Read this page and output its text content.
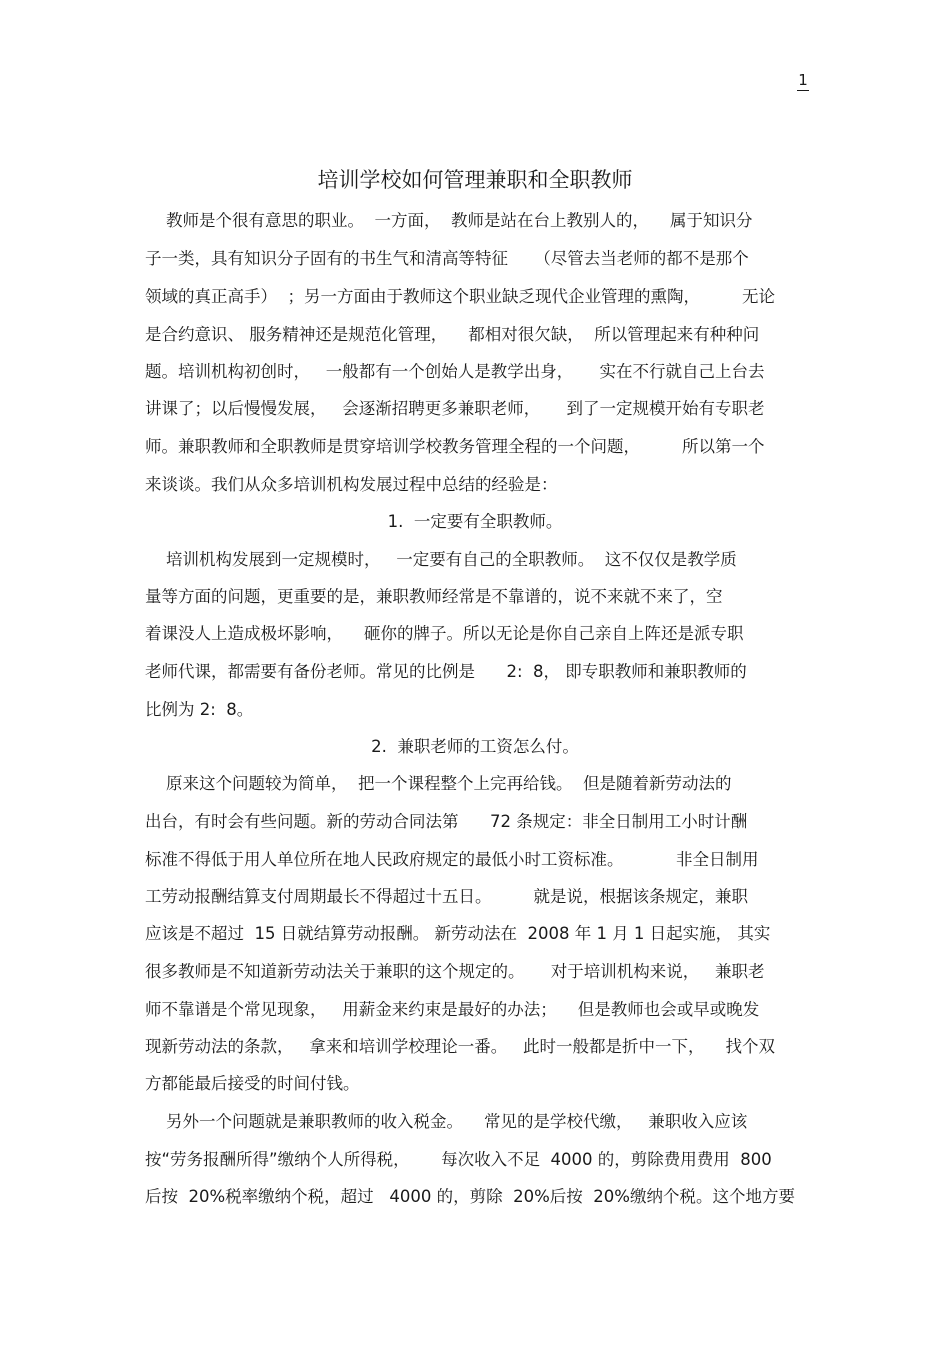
1
培训学校如何管理兼职和全职教师
教师是个很有意思的职业。  一方面，  教师是站在台上教别人的，    属于知识分
子一类，具有知识分子固有的书生气和清高等特征     （尽管去当老师的都不是那个
领域的真正高手）  ；另一方面由于教师这个职业缺乏现代企业管理的熏陶，        无论
是合约意识、 服务精神还是规范化管理，    都相对很欠缺，  所以管理起来有种种问
题。培训机构初创时，   一般都有一个创始人是教学出身，     实在不行就自己上台去
讲课了；以后慢慢发展，   会逐渐招聘更多兼职老师，     到了一定规模开始有专职老
师。兼职教师和全职教师是贯穿培训学校教务管理全程的一个问题，        所以第一个
来谈谈。我们从众多培训机构发展过程中总结的经验是：
1.  一定要有全职教师。
培训机构发展到一定规模时，   一定要有自己的全职教师。  这不仅仅是教学质
量等方面的问题，更重要的是，兼职教师经常是不靠谱的，说不来就不来了，空
着课没人上造成极坏影响，    砸你的牌子。所以无论是你自己亲自上阵还是派专职
老师代课，都需要有备份老师。常见的比例是      2:  8， 即专职教师和兼职教师的
比例为 2:  8。
2.  兼职老师的工资怎么付。
原来这个问题较为简单，  把一个课程整个上完再给钱。  但是随着新劳动法的
出台，有时会有些问题。新的劳动合同法第      72 条规定：非全日制用工小时计酬
标准不得低于用人单位所在地人民政府规定的最低小时工资标准。          非全日制用
工劳动报酬结算支付周期最长不得超过十五日。        就是说，根据该条规定，兼职
应该是不超过  15 日就结算劳动报酬。 新劳动法在  2008 年 1 月 1 日起实施， 其实
很多教师是不知道新劳动法关于兼职的这个规定的。     对于培训机构来说，   兼职老
师不靠谱是个常见现象，   用薪金来约束是最好的办法；    但是教师也会或早或晚发
现新劳动法的条款，   拿来和培训学校理论一番。   此时一般都是折中一下，    找个双
方都能最后接受的时间付钱。
另外一个问题就是兼职教师的收入税金。    常见的是学校代缴，   兼职收入应该
按“劳务报酬所得”缴纳个人所得税，      每次收入不足  4000 的，剪除费用费用  800
后按  20%税率缴纳个税，超过   4000 的，剪除  20%后按  20%缴纳个税。这个地方要
